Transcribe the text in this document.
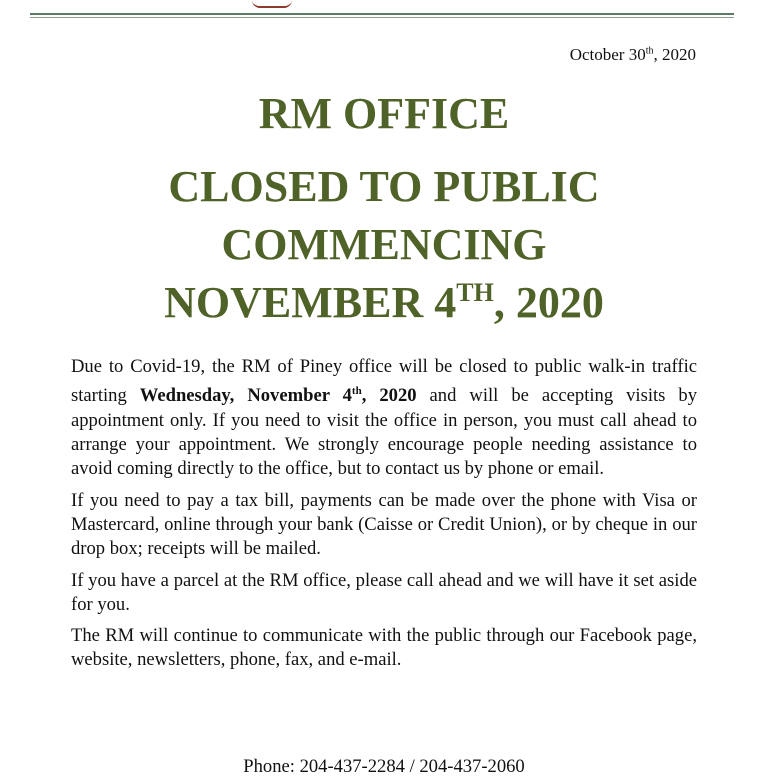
October 30th, 2020
RM OFFICE
CLOSED TO PUBLIC
COMMENCING
NOVEMBER 4TH, 2020

Due to Covid-19, the RM of Piney office will be closed to public walk-in traffic starting Wednesday, November 4th, 2020 and will be accepting visits by appointment only. If you need to visit the office in person, you must call ahead to arrange your appointment. We strongly encourage people needing assistance to avoid coming directly to the office, but to contact us by phone or email.

If you need to pay a tax bill, payments can be made over the phone with Visa or Mastercard, online through your bank (Caisse or Credit Union), or by cheque in our drop box; receipts will be mailed.

If you have a parcel at the RM office, please call ahead and we will have it set aside for you.

The RM will continue to communicate with the public through our Facebook page, website, newsletters, phone, fax, and e-mail.

Phone: 204-437-2284 / 204-437-2060
